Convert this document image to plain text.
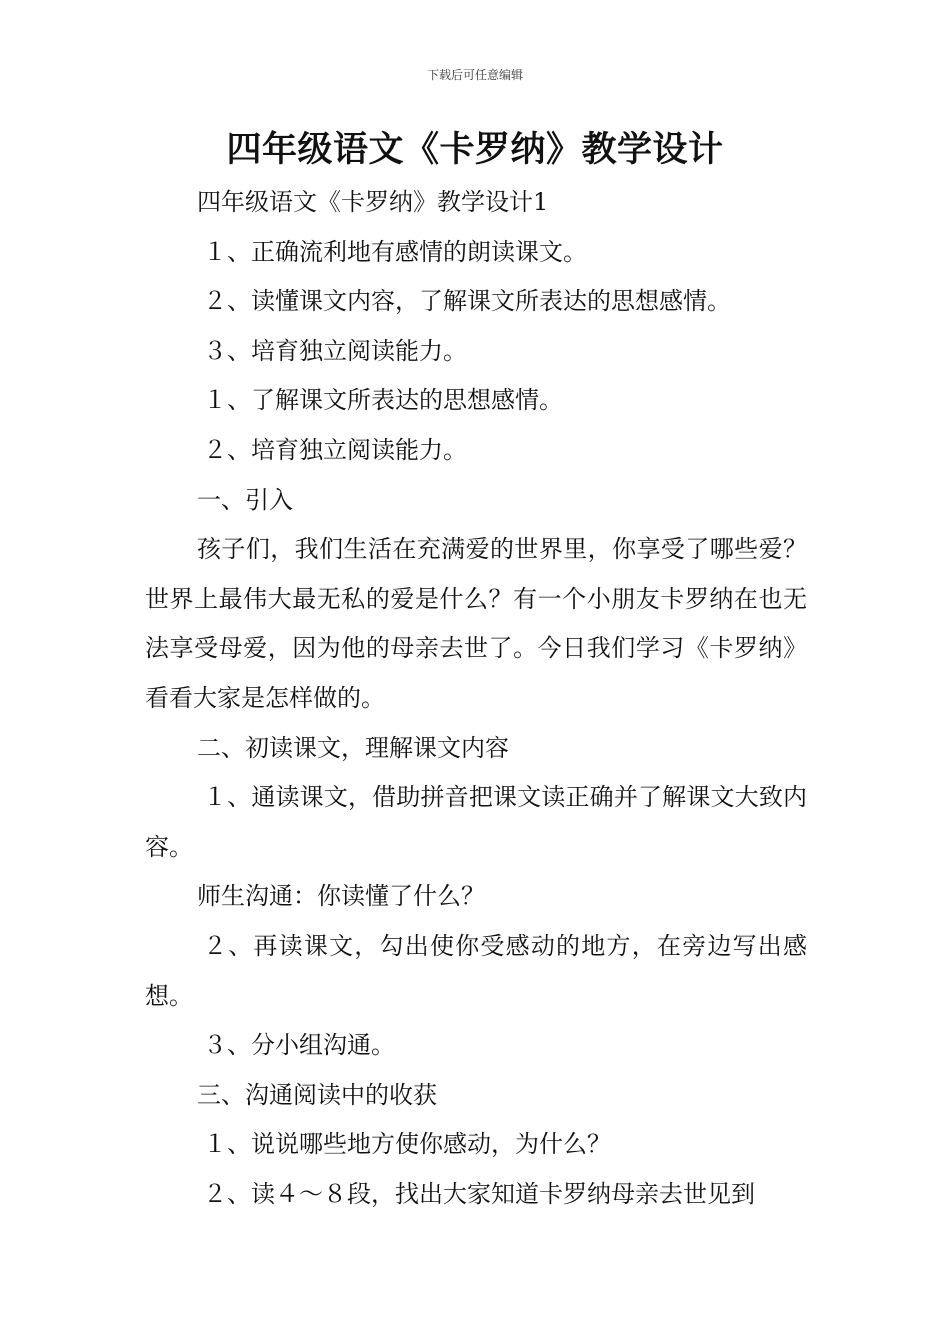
下载后可任意编辑
四年级语文《卡罗纳》教学设计

四年级语文《卡罗纳》教学设计1

１、正确流利地有感情的朗读课文。

２、读懂课文内容，了解课文所表达的思想感情。

３、培育独立阅读能力。

１、了解课文所表达的思想感情。

２、培育独立阅读能力。

一、引入

孩子们，我们生活在充满爱的世界里，你享受了哪些爱？世界上最伟大最无私的爱是什么？有一个小朋友卡罗纳在也无法享受母爱，因为他的母亲去世了。今日我们学习《卡罗纳》看看大家是怎样做的。

二、初读课文，理解课文内容

１、通读课文，借助拼音把课文读正确并了解课文大致内容。

师生沟通：你读懂了什么？

２、再读课文，勾出使你受感动的地方，在旁边写出感想。

３、分小组沟通。

三、沟通阅读中的收获

１、说说哪些地方使你感动，为什么？

２、读４～８段，找出大家知道卡罗纳母亲去世见到
